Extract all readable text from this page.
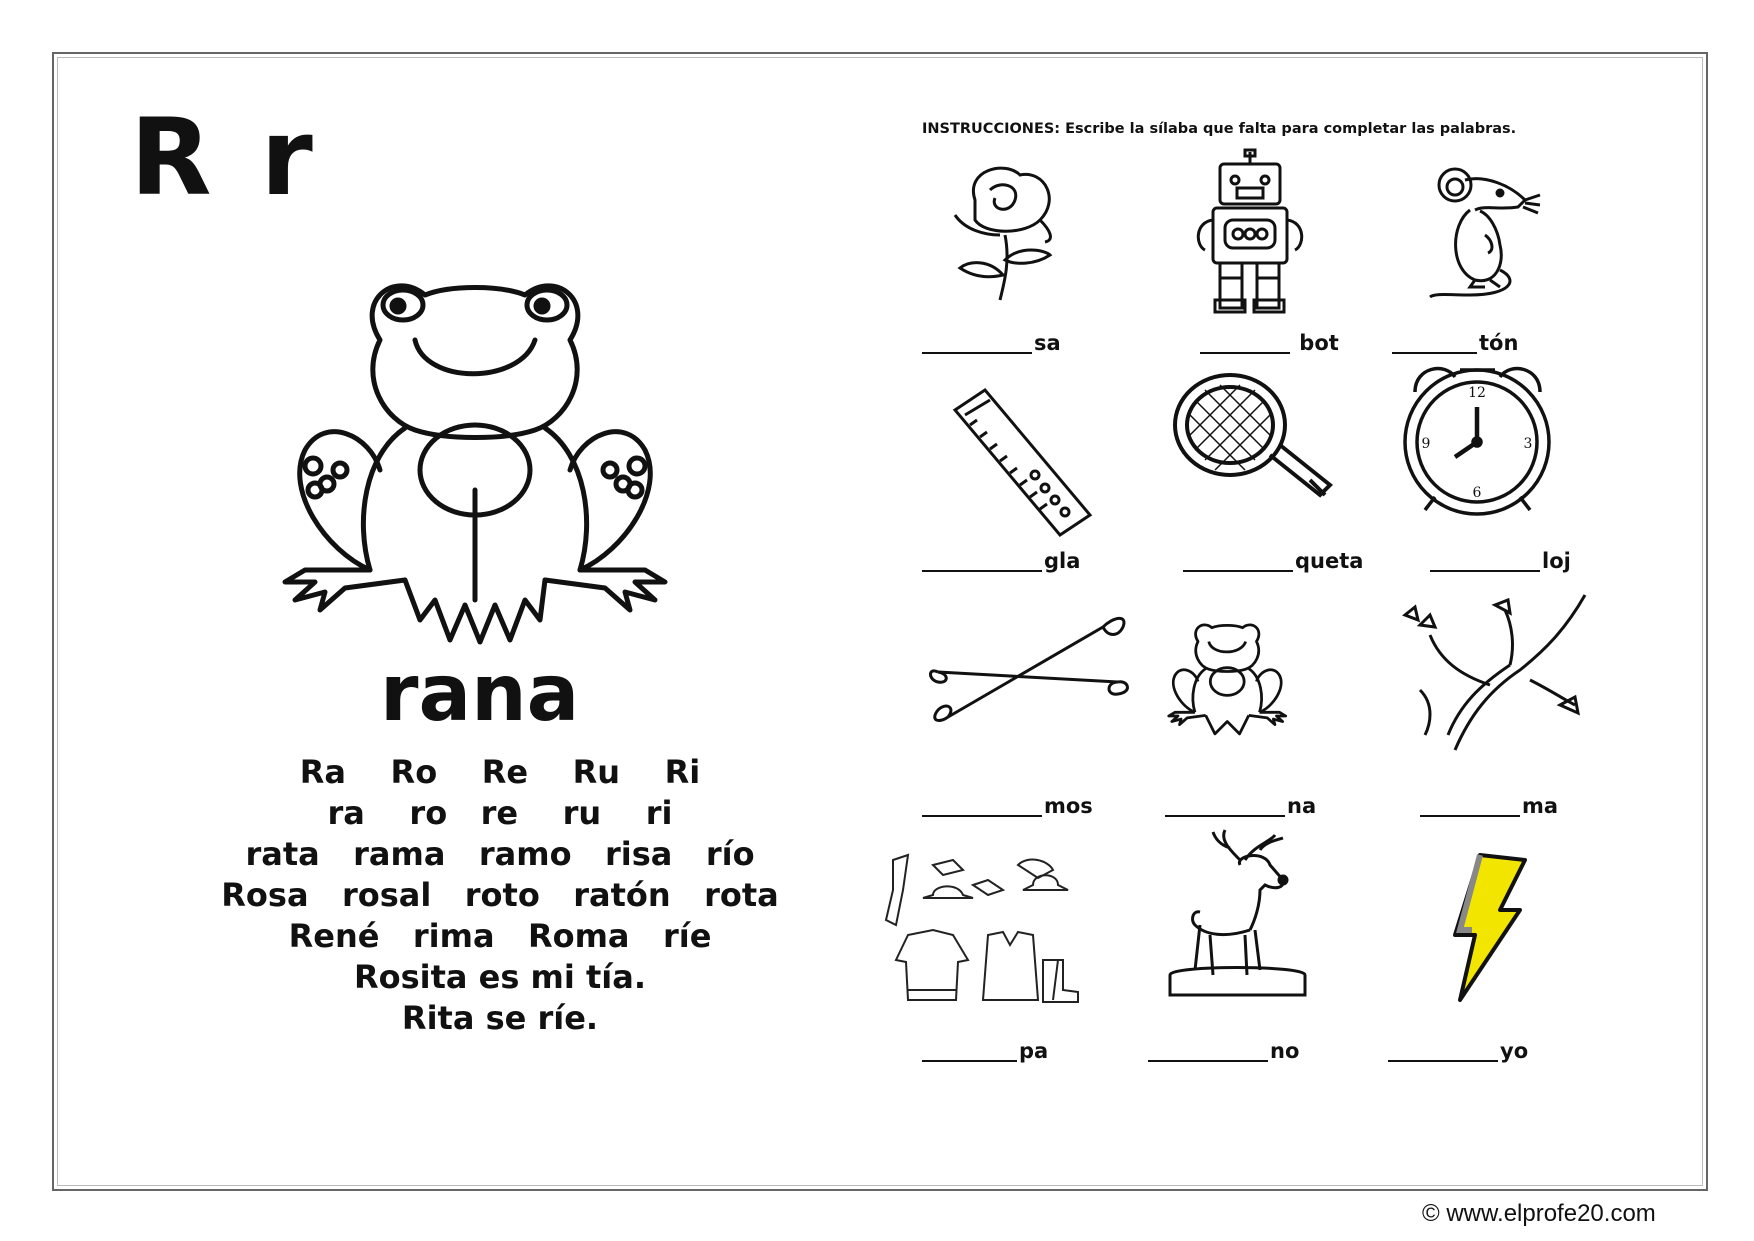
R r
rana
Ra    Ro    Re    Ru    Ri
ra    ro   re    ru    ri
rata   rama   ramo   risa   río
Rosa   rosal   roto   ratón   rota
René   rima   Roma   ríe
Rosita es mi tía.
Rita se ríe.
INSTRUCCIONES: Escribe la sílaba que falta para completar las palabras.
sa	bot	tón
12
3
6
9
gla	queta	loj
mos	na	ma
pa	no	yo
© www.elprofe20.com
